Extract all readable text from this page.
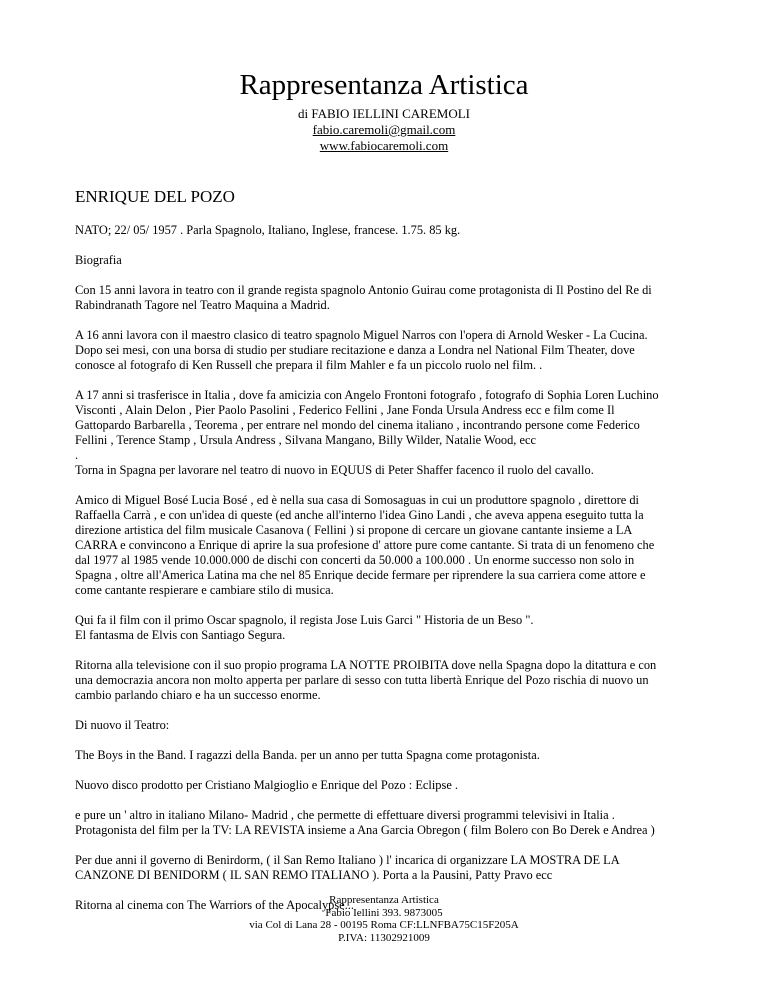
Rappresentanza Artistica
di FABIO IELLINI CAREMOLI
fabio.caremoli@gmail.com
www.fabiocaremoli.com
ENRIQUE DEL POZO

NATO; 22/ 05/ 1957 . Parla Spagnolo, Italiano, Inglese, francese. 1.75. 85 kg.

Biografia

Con 15 anni lavora in teatro con il grande regista spagnolo Antonio Guirau come protagonista di Il Postino del Re di
Rabindranath Tagore nel Teatro Maquina a Madrid.

A 16 anni lavora con il maestro clasico di teatro spagnolo Miguel Narros con l'opera di Arnold Wesker - La Cucina.
Dopo sei mesi, con una borsa di studio per studiare recitazione e danza a Londra nel National Film Theater, dove
conosce al fotografo di Ken Russell che prepara il film Mahler e fa un piccolo ruolo nel film. .

A 17 anni si trasferisce in Italia , dove fa amicizia con Angelo Frontoni fotografo , fotografo di Sophia Loren Luchino
Visconti , Alain Delon , Pier Paolo Pasolini , Federico Fellini , Jane Fonda Ursula Andress ecc e film come Il
Gattopardo Barbarella , Teorema , per entrare nel mondo del cinema italiano , incontrando persone come Federico
Fellini , Terence Stamp , Ursula Andress , Silvana Mangano, Billy Wilder, Natalie Wood, ecc
.
Torna in Spagna per lavorare nel teatro di nuovo in EQUUS di Peter Shaffer facenco il ruolo del cavallo.

Amico di Miguel Bosé Lucia Bosé , ed è nella sua casa di Somosaguas in cui un produttore spagnolo , direttore di
Raffaella Carrà , e con un'idea di queste (ed anche all'interno l'idea Gino Landi , che aveva appena eseguito tutta la
direzione artistica del film musicale Casanova ( Fellini ) si propone di cercare un giovane cantante insieme a LA
CARRA e convincono a Enrique di aprire la sua profesione d' attore pure come cantante. Si trata di un fenomeno che
dal 1977 al 1985 vende 10.000.000 de dischi con concerti da 50.000 a 100.000 . Un enorme successo non solo in
Spagna , oltre all'America Latina ma che nel 85 Enrique decide fermare per riprendere la sua carriera come attore e
come cantante respierare e cambiare stilo di musica.

Qui fa il film con il primo Oscar spagnolo, il regista Jose Luis Garci " Historia de un Beso ".
El fantasma de Elvis con Santiago Segura.

Ritorna alla televisione con il suo propio programa LA NOTTE PROIBITA dove nella Spagna dopo la ditattura e con
una democrazia ancora non molto apperta per parlare di sesso con tutta libertà Enrique del Pozo rischia di nuovo un
cambio parlando chiaro e ha un successo enorme.

Di nuovo il Teatro:

The Boys in the Band. I ragazzi della Banda. per un anno per tutta Spagna come protagonista.

Nuovo disco prodotto per Cristiano Malgioglio e Enrique del Pozo : Eclipse .

e pure un ' altro in italiano Milano- Madrid , che permette di effettuare diversi programmi televisivi in Italia .
Protagonista del film per la TV: LA REVISTA insieme a Ana Garcia Obregon ( film Bolero con Bo Derek e Andrea )

Per due anni il governo di Benirdorm, ( il San Remo Italiano ) l' incarica di organizzare LA MOSTRA DE LA
CANZONE DI BENIDORM ( IL SAN REMO ITALIANO ). Porta a la Pausini, Patty Pravo ecc

Ritorna al cinema con The Warriors of the Apocalypse...

Rappresentanza Artistica
Fabio Iellini 393. 9873005
via Col di Lana 28 - 00195 Roma CF:LLNFBA75C15F205A
P.IVA: 11302921009
